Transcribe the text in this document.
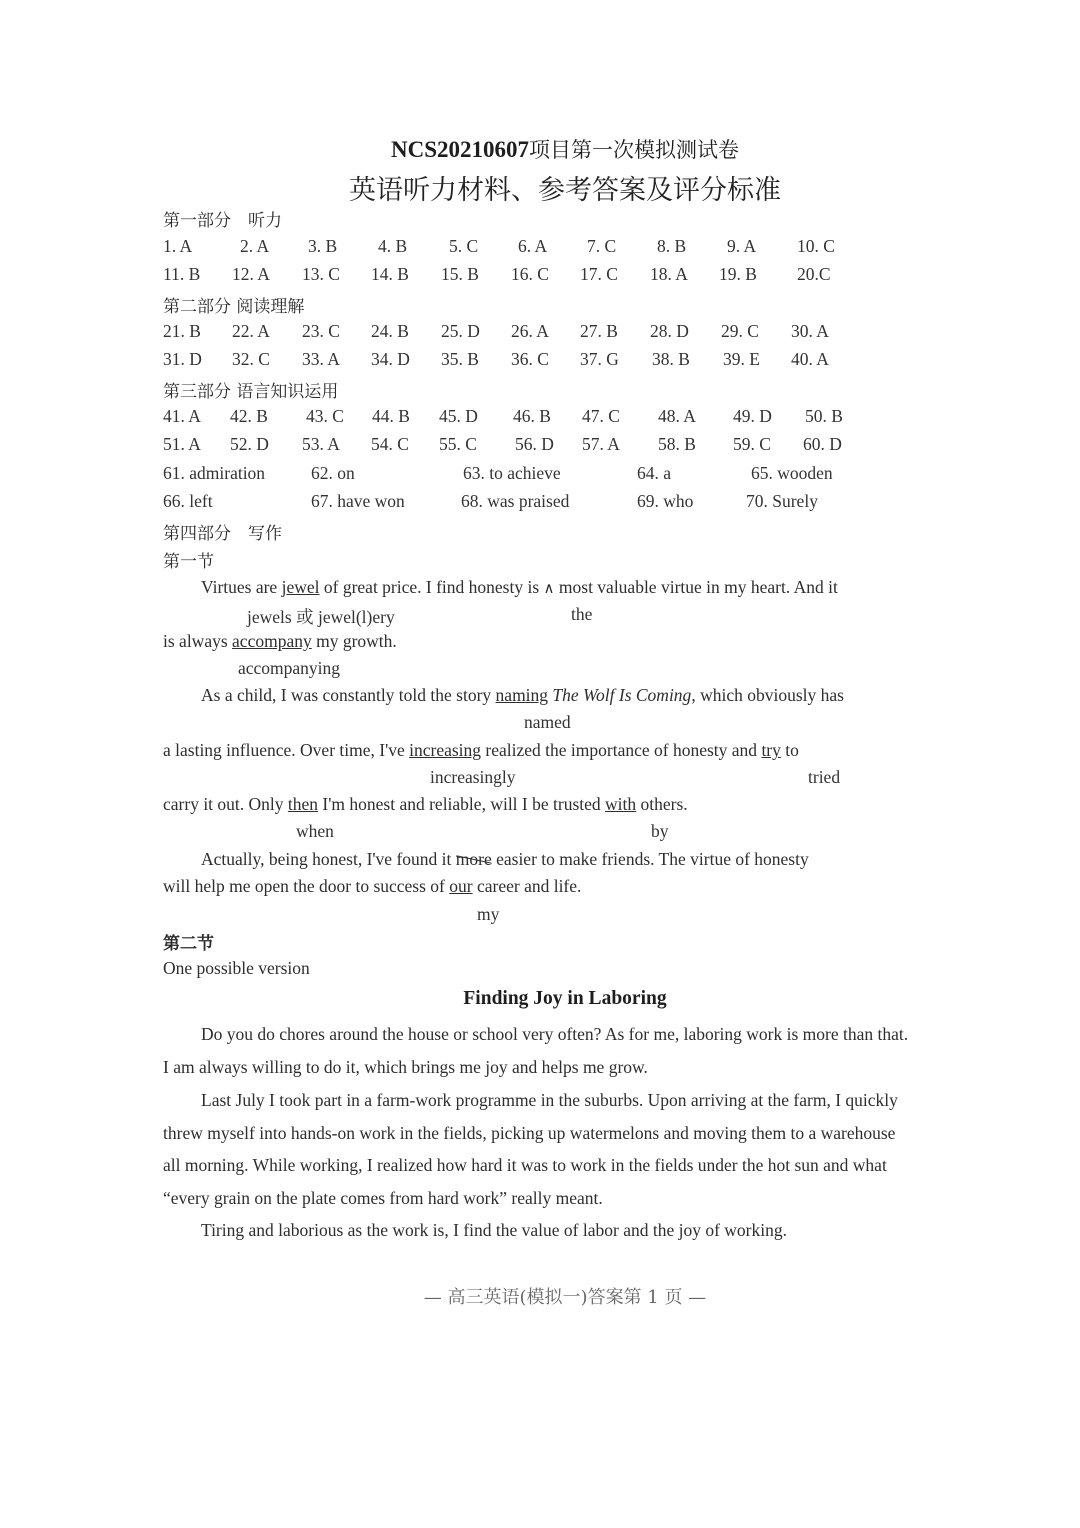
NCS20210607项目第一次模拟测试卷
英语听力材料、参考答案及评分标准
第一部分　听力
1. A	2. A 3. B 4. B 5. C 6. A 7. C 8. B 9. A 10. C
11. B 12. A 13. C 14. B 15. B 16. C 17. C 18. A 19. B 20.C
第二部分 阅读理解
21. B 22. A 23. C 24. B 25. D 26. A 27. B 28. D 29. C 30. A
31. D 32. C 33. A 34. D 35. B 36. C 37. G 38. B 39. E 40. A
第三部分 语言知识运用
41. A 42. B 43. C 44. B 45. D 46. B 47. C 48. A 49. D 50. B
51. A 52. D 53. A 54. C 55. C 56. D 57. A 58. B 59. C 60. D
61. admiration	62. on	63. to achieve	64. a	65. wooden
66. left	67. have won	68. was praised	69. who	70. Surely
第四部分　写作
第一节
Virtues are jewel of great price. I find honesty is ∧ most valuable virtue in my heart. And it
jewels 或 jewel(l)ery	the
is always accompany my growth.
accompanying
As a child, I was constantly told the story naming The Wolf Is Coming, which obviously has
named
a lasting influence. Over time, I've increasing realized the importance of honesty and try to
increasingly	tried
carry it out. Only then I'm honest and reliable, will I be trusted with others.
when	by
Actually, being honest, I've found it more easier to make friends. The virtue of honesty
will help me open the door to success of our career and life.
my
第二节
One possible version
Finding Joy in Laboring
Do you do chores around the house or school very often? As for me, laboring work is more than that.
I am always willing to do it, which brings me joy and helps me grow.
Last July I took part in a farm-work programme in the suburbs. Upon arriving at the farm, I quickly
threw myself into hands-on work in the fields, picking up watermelons and moving them to a warehouse
all morning. While working, I realized how hard it was to work in the fields under the hot sun and what
“every grain on the plate comes from hard work” really meant.
Tiring and laborious as the work is, I find the value of labor and the joy of working.
— 高三英语(模拟一)答案第 1 页 —
